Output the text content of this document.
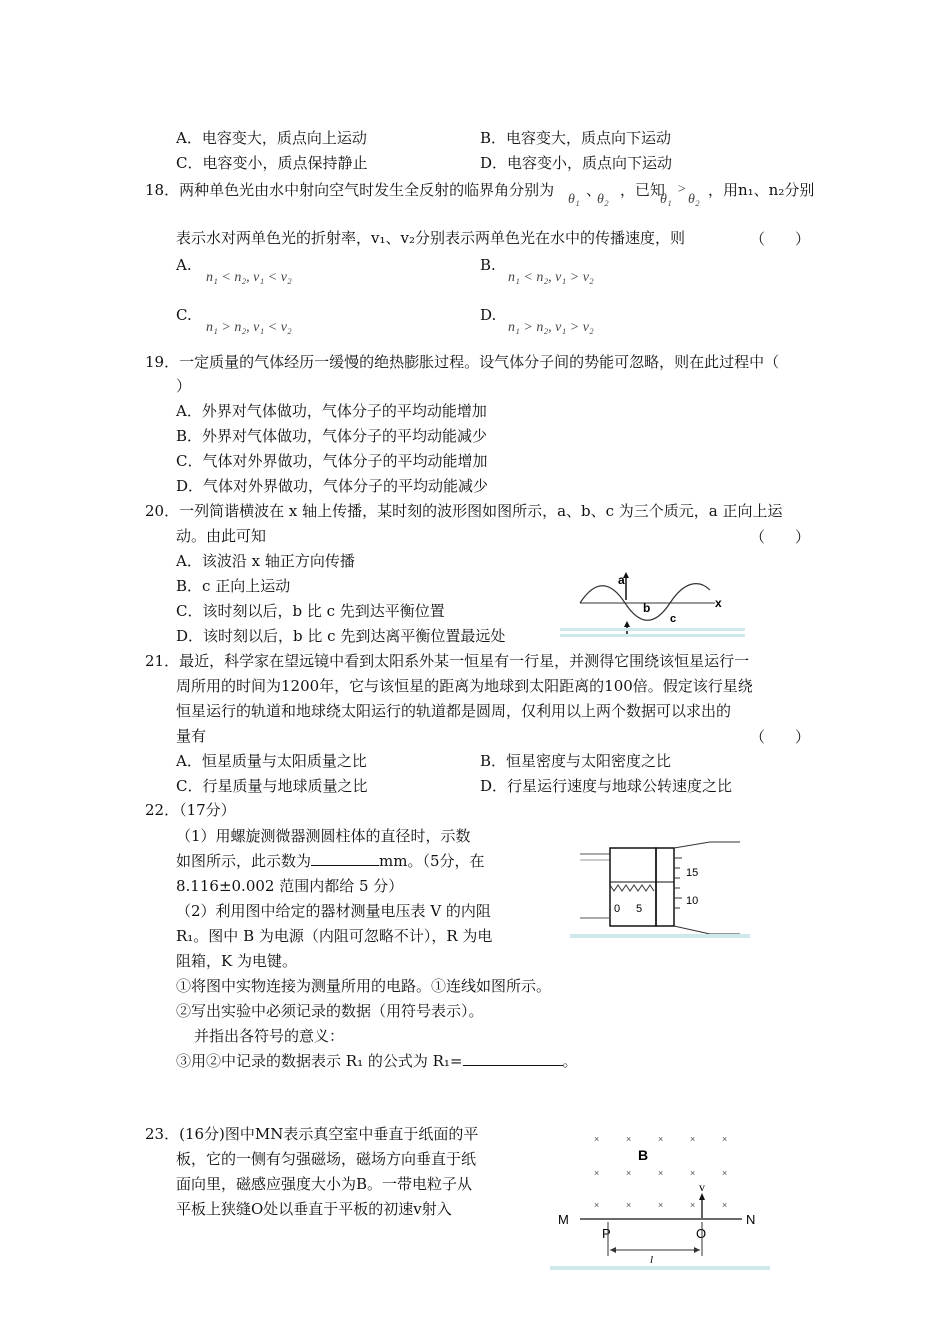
A．电容变大，质点向上运动	B．电容变大，质点向下运动
C．电容变小，质点保持静止	D．电容变小，质点向下运动
18．两种单色光由水中射向空气时发生全反射的临界角分别为
θ₁
、
θ₂
，已知
θ₁
>
θ₂
，用n₁、n₂分别
表示水对两单色光的折射率，v₁、v₂分别表示两单色光在水中的传播速度，则	（　　）
A.
n₁ < n₂, v₁ < v₂
B.
n₁ < n₂, v₁ > v₂
C.
n₁ > n₂, v₁ < v₂
D.
n₁ > n₂, v₁ > v₂
19．一定质量的气体经历一缓慢的绝热膨胀过程。设气体分子间的势能可忽略，则在此过程中（
）
A．外界对气体做功，气体分子的平均动能增加
B．外界对气体做功，气体分子的平均动能减少
C．气体对外界做功，气体分子的平均动能增加
D．气体对外界做功，气体分子的平均动能减少
20．一列简谐横波在 x 轴上传播，某时刻的波形图如图所示，a、b、c 为三个质元，a 正向上运
动。由此可知	（　　）
A．该波沿 x 轴正方向传播
B．c 正向上运动
C．该时刻以后，b 比 c 先到达平衡位置
D．该时刻以后，b 比 c 先到达离平衡位置最远处
a
b
c
x
21．最近，科学家在望远镜中看到太阳系外某一恒星有一行星，并测得它围绕该恒星运行一
周所用的时间为1200年，它与该恒星的距离为地球到太阳距离的100倍。假定该行星绕
恒星运行的轨道和地球绕太阳运行的轨道都是圆周，仅利用以上两个数据可以求出的
量有	（　　）
A．恒星质量与太阳质量之比	B．恒星密度与太阳密度之比
C．行星质量与地球质量之比	D．行星运行速度与地球公转速度之比
22．（17分）
（1）用螺旋测微器测圆柱体的直径时，示数
如图所示，此示数为	mm。（5分，在
8.116±0.002 范围内都给 5 分）
（2）利用图中给定的器材测量电压表 V 的内阻
R₁。图中 B 为电源（内阻可忽略不计），R 为电
阻箱，K 为电键。
①将图中实物连接为测量所用的电路。①连线如图所示。
②写出实验中必须记录的数据（用符号表示）。
并指出各符号的意义：
③用②中记录的数据表示 R₁ 的公式为 R₁=	。
15
10
0 5
23．(16分)图中MN表示真空室中垂直于纸面的平
板，它的一侧有匀强磁场，磁场方向垂直于纸
面向里，磁感应强度大小为B。一带电粒子从
平板上狭缝O处以垂直于平板的初速v射入
×	×	×	×	×
×	×	×	×	×
×	×	×	×	×
B
v
M	N
P	O
l
